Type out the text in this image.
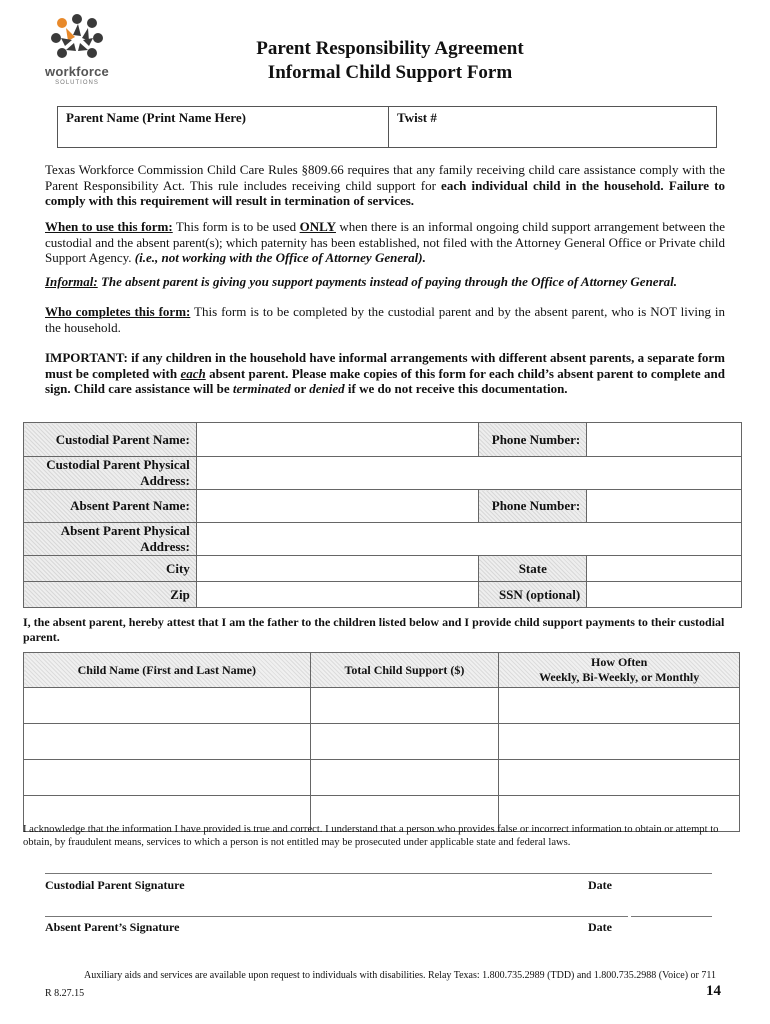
workforce
SOLUTIONS
Parent Responsibility Agreement
Informal Child Support Form
Parent Name (Print Name Here)	Twist #
Texas Workforce Commission Child Care Rules §809.66 requires that any family receiving child care assistance comply with the Parent Responsibility Act. This rule includes receiving child support for each individual child in the household. Failure to comply with this requirement will result in termination of services.
When to use this form: This form is to be used ONLY when there is an informal ongoing child support arrangement between the custodial and the absent parent(s); which paternity has been established, not filed with the Attorney General Office or Private child Support Agency. (i.e., not working with the Office of Attorney General).
Informal: The absent parent is giving you support payments instead of paying through the Office of Attorney General.
Who completes this form: This form is to be completed by the custodial parent and by the absent parent, who is NOT living in the household.
IMPORTANT: if any children in the household have informal arrangements with different absent parents, a separate form must be completed with each absent parent. Please make copies of this form for each child’s absent parent to complete and sign. Child care assistance will be terminated or denied if we do not receive this documentation.
Custodial Parent Name:		Phone Number:	
Custodial Parent Physical
Address:			
Absent Parent Name:		Phone Number:	
Absent Parent Physical
Address:			
City		State	
Zip		SSN (optional)	
I, the absent parent, hereby attest that I am the father to the children listed below and I provide child support payments to their custodial parent.
Child Name (First and Last Name)	Total Child Support ($)	How Often
Weekly, Bi-Weekly, or Monthly

I acknowledge that the information I have provided is true and correct. I understand that a person who provides false or incorrect information to obtain or attempt to obtain, by fraudulent means, services to which a person is not entitled may be prosecuted under applicable state and federal laws.
Custodial Parent Signature	Date
Absent Parent’s Signature	Date
Auxiliary aids and services are available upon request to individuals with disabilities. Relay Texas: 1.800.735.2989 (TDD) and 1.800.735.2988 (Voice) or 711
R 8.27.15	14
